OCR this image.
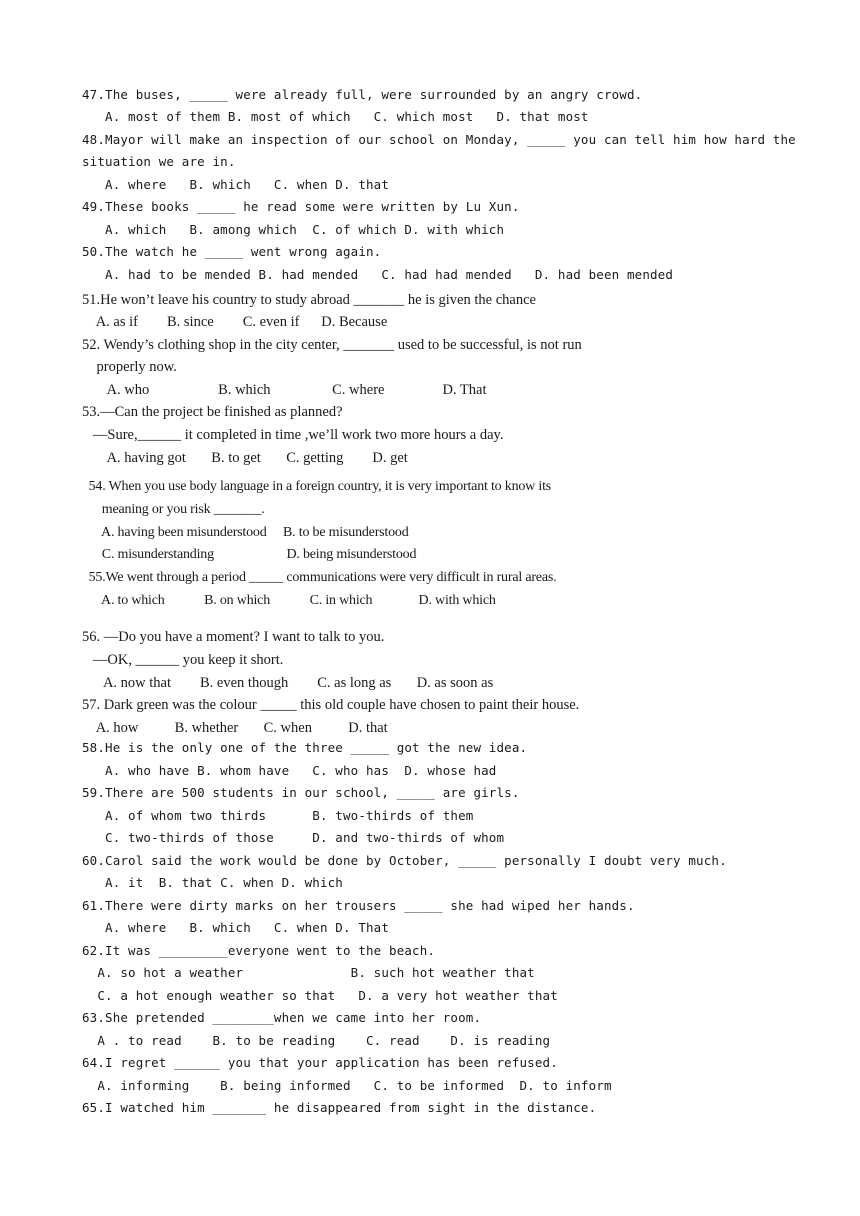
47.The buses, _____ were already full, were surrounded by an angry crowd.
A. most of them B. most of which   C. which most   D. that most
48.Mayor will make an inspection of our school on Monday, _____ you can tell him how hard the
situation we are in.
A. where   B. which   C. when D. that
49.These books _____ he read some were written by Lu Xun.
A. which   B. among which  C. of which D. with which
50.The watch he _____ went wrong again.
A. had to be mended B. had mended   C. had had mended   D. had been mended
51.He won’t leave his country to study abroad _______ he is given the chance
A. as if        B. since        C. even if      D. Because
52. Wendy’s clothing shop in the city center, _______ used to be successful, is not run
properly now.
A. who                   B. which                 C. where                D. That
53.—Can the project be finished as planned?
—Sure,______ it completed in time ,we’ll work two more hours a day.
A. having got       B. to get       C. getting        D. get
54. When you use body language in a foreign country, it is very important to know its
meaning or you risk _______.
A. having been misunderstood     B. to be misunderstood
C. misunderstanding                      D. being misunderstood
55.We went through a period _____ communications were very difficult in rural areas.
A. to which            B. on which            C. in which              D. with which
56. —Do you have a moment? I want to talk to you.
—OK, ______ you keep it short.
A. now that        B. even though        C. as long as       D. as soon as
57. Dark green was the colour _____ this old couple have chosen to paint their house.
A. how          B. whether       C. when          D. that
58.He is the only one of the three _____ got the new idea.
A. who have B. whom have   C. who has  D. whose had
59.There are 500 students in our school, _____ are girls.
A. of whom two thirds      B. two-thirds of them
C. two-thirds of those     D. and two-thirds of whom
60.Carol said the work would be done by October, _____ personally I doubt very much.
A. it  B. that C. when D. which
61.There were dirty marks on her trousers _____ she had wiped her hands.
A. where   B. which   C. when D. That
62.It was _________everyone went to the beach.
A. so hot a weather              B. such hot weather that
C. a hot enough weather so that   D. a very hot weather that
63.She pretended ________when we came into her room.
A . to read    B. to be reading    C. read    D. is reading
64.I regret ______ you that your application has been refused.
A. informing    B. being informed   C. to be informed  D. to inform
65.I watched him _______ he disappeared from sight in the distance.
